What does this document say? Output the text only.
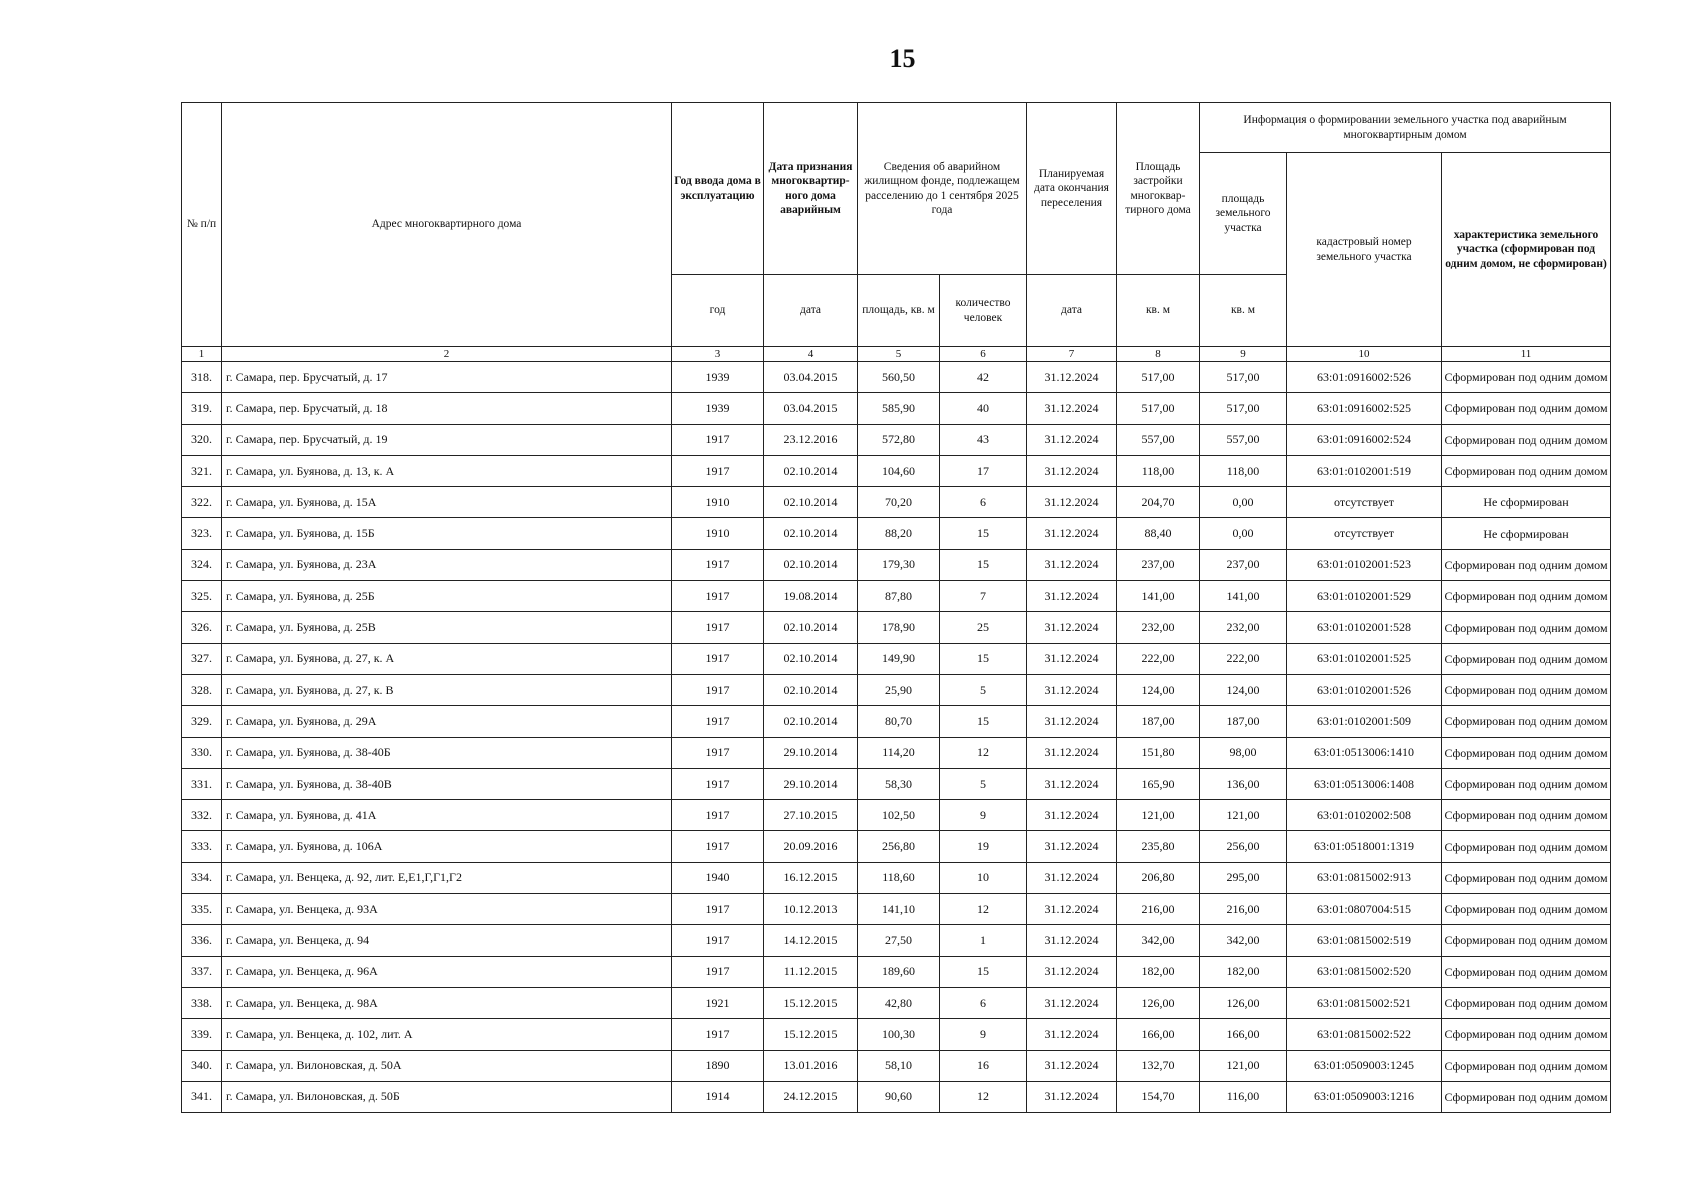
15
№ п/п	Адрес многоквартирного дома	Год ввода дома в эксплуатацию	Дата признания многоквартир-ного дома аварийным	Сведения об аварийном жилищном фонде, подлежащем расселению до 1 сентября 2025 года		Планируемая дата окончания переселения	Площадь застройки многоквар-тирного дома	Информация о формировании земельного участка под аварийным многоквартирным домом		
								площадь земельного участка	кадастровый номер земельного участка	характеристика земельного участка (сформирован под одним домом, не сформирован)
		год	дата	площадь, кв. м	количество человек	дата	кв. м	кв. м		
1	2	3	4	5	6	7	8	9	10	11
318.	г. Самара, пер. Брусчатый, д. 17	1939	03.04.2015	560,50	42	31.12.2024	517,00	517,00	63:01:0916002:526	Сформирован под одним домом
319.	г. Самара, пер. Брусчатый, д. 18	1939	03.04.2015	585,90	40	31.12.2024	517,00	517,00	63:01:0916002:525	Сформирован под одним домом
320.	г. Самара, пер. Брусчатый, д. 19	1917	23.12.2016	572,80	43	31.12.2024	557,00	557,00	63:01:0916002:524	Сформирован под одним домом
321.	г. Самара, ул. Буянова, д. 13, к. А	1917	02.10.2014	104,60	17	31.12.2024	118,00	118,00	63:01:0102001:519	Сформирован под одним домом
322.	г. Самара, ул. Буянова, д. 15А	1910	02.10.2014	70,20	6	31.12.2024	204,70	0,00	отсутствует	Не сформирован
323.	г. Самара, ул. Буянова, д. 15Б	1910	02.10.2014	88,20	15	31.12.2024	88,40	0,00	отсутствует	Не сформирован
324.	г. Самара, ул. Буянова, д. 23А	1917	02.10.2014	179,30	15	31.12.2024	237,00	237,00	63:01:0102001:523	Сформирован под одним домом
325.	г. Самара, ул. Буянова, д. 25Б	1917	19.08.2014	87,80	7	31.12.2024	141,00	141,00	63:01:0102001:529	Сформирован под одним домом
326.	г. Самара, ул. Буянова, д. 25В	1917	02.10.2014	178,90	25	31.12.2024	232,00	232,00	63:01:0102001:528	Сформирован под одним домом
327.	г. Самара, ул. Буянова, д. 27, к. А	1917	02.10.2014	149,90	15	31.12.2024	222,00	222,00	63:01:0102001:525	Сформирован под одним домом
328.	г. Самара, ул. Буянова, д. 27, к. В	1917	02.10.2014	25,90	5	31.12.2024	124,00	124,00	63:01:0102001:526	Сформирован под одним домом
329.	г. Самара, ул. Буянова, д. 29А	1917	02.10.2014	80,70	15	31.12.2024	187,00	187,00	63:01:0102001:509	Сформирован под одним домом
330.	г. Самара, ул. Буянова, д. 38-40Б	1917	29.10.2014	114,20	12	31.12.2024	151,80	98,00	63:01:0513006:1410	Сформирован под одним домом
331.	г. Самара, ул. Буянова, д. 38-40В	1917	29.10.2014	58,30	5	31.12.2024	165,90	136,00	63:01:0513006:1408	Сформирован под одним домом
332.	г. Самара, ул. Буянова, д. 41А	1917	27.10.2015	102,50	9	31.12.2024	121,00	121,00	63:01:0102002:508	Сформирован под одним домом
333.	г. Самара, ул. Буянова, д. 106А	1917	20.09.2016	256,80	19	31.12.2024	235,80	256,00	63:01:0518001:1319	Сформирован под одним домом
334.	г. Самара, ул. Венцека, д. 92, лит. Е,Е1,Г,Г1,Г2	1940	16.12.2015	118,60	10	31.12.2024	206,80	295,00	63:01:0815002:913	Сформирован под одним домом
335.	г. Самара, ул. Венцека, д. 93А	1917	10.12.2013	141,10	12	31.12.2024	216,00	216,00	63:01:0807004:515	Сформирован под одним домом
336.	г. Самара, ул. Венцека, д. 94	1917	14.12.2015	27,50	1	31.12.2024	342,00	342,00	63:01:0815002:519	Сформирован под одним домом
337.	г. Самара, ул. Венцека, д. 96А	1917	11.12.2015	189,60	15	31.12.2024	182,00	182,00	63:01:0815002:520	Сформирован под одним домом
338.	г. Самара, ул. Венцека, д. 98А	1921	15.12.2015	42,80	6	31.12.2024	126,00	126,00	63:01:0815002:521	Сформирован под одним домом
339.	г. Самара, ул. Венцека, д. 102, лит. А	1917	15.12.2015	100,30	9	31.12.2024	166,00	166,00	63:01:0815002:522	Сформирован под одним домом
340.	г. Самара, ул. Вилоновская, д. 50А	1890	13.01.2016	58,10	16	31.12.2024	132,70	121,00	63:01:0509003:1245	Сформирован под одним домом
341.	г. Самара, ул. Вилоновская, д. 50Б	1914	24.12.2015	90,60	12	31.12.2024	154,70	116,00	63:01:0509003:1216	Сформирован под одним домом
